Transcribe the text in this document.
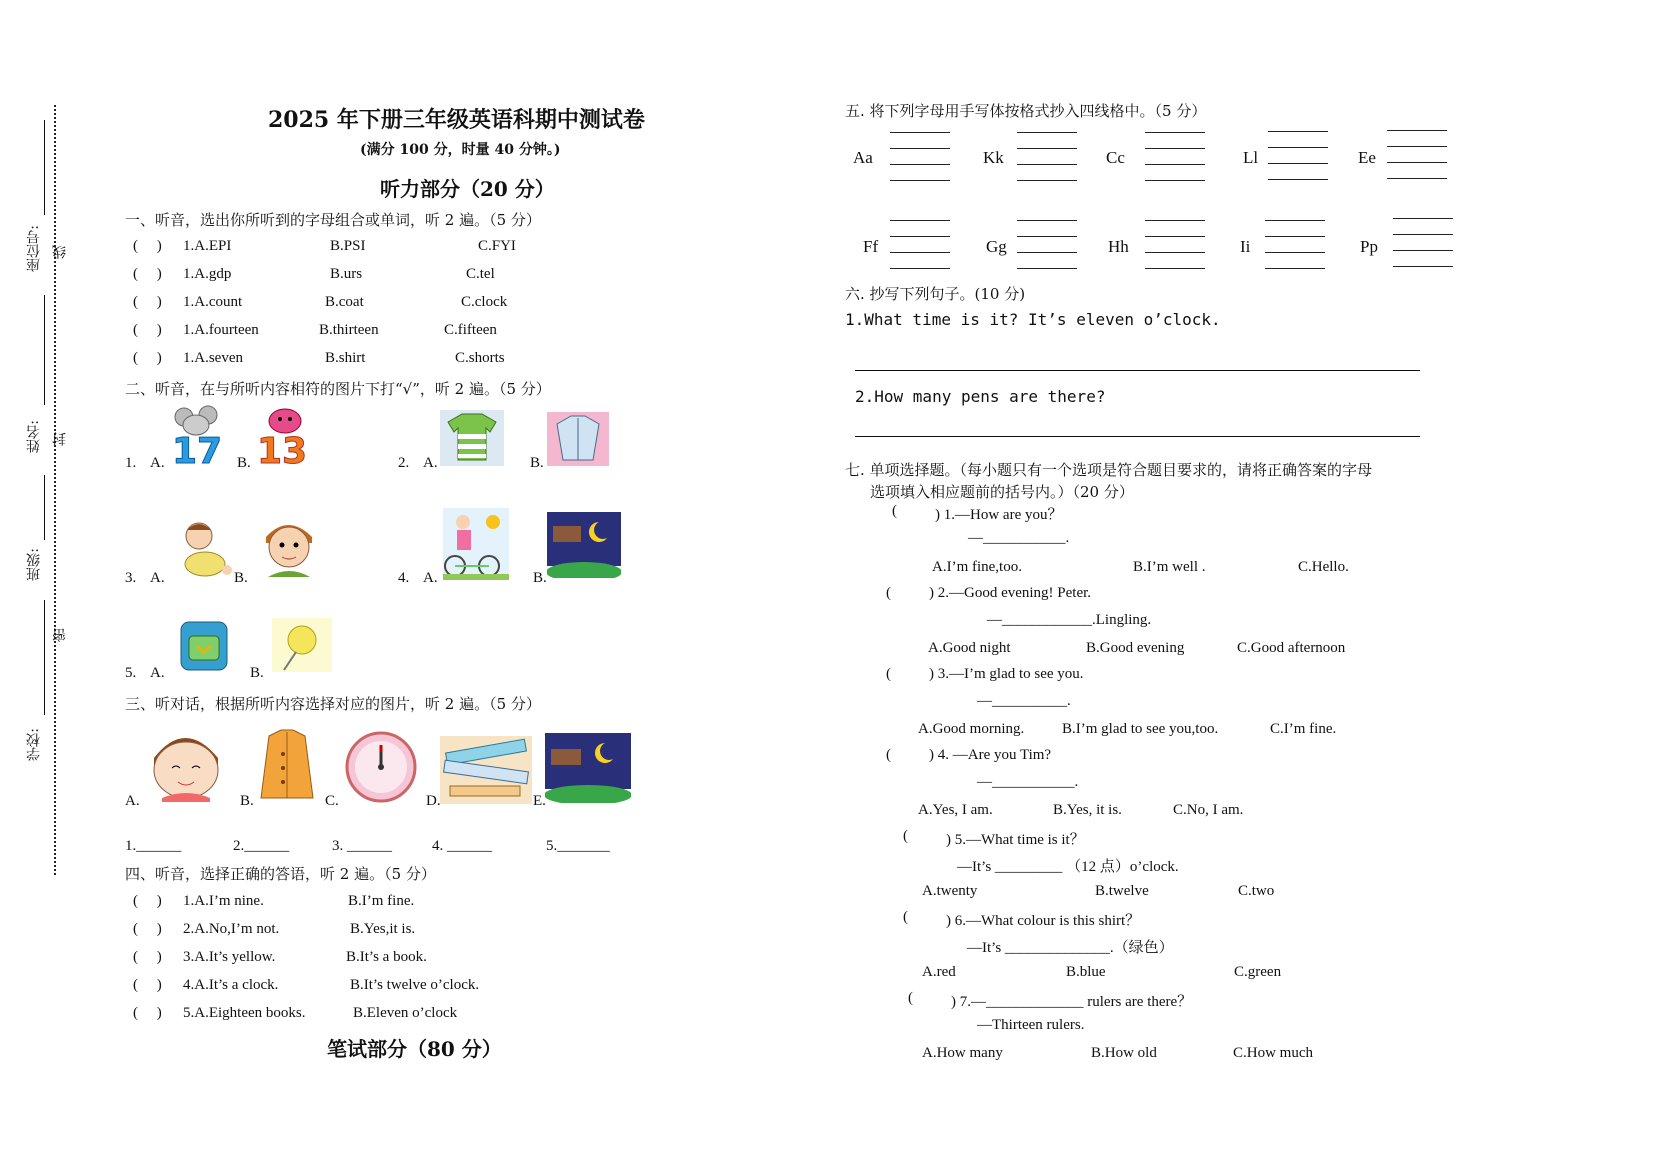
座位号: 线
姓名: 封
班级:
密
学校:
2025 年下册三年级英语科期中测试卷
(满分 100 分，时量 40 分钟。)
听力部分（20 分）
一、听音，选出你所听到的字母组合或单词，听 2 遍。（5 分）
(     ) 1.A.EPI	B.PSI	C.FYI
(     ) 1.A.gdp	B.urs	C.tel
(     ) 1.A.count	B.coat	C.clock
(     ) 1.A.fourteen	B.thirteen	C.fifteen
(     ) 1.A.seven	B.shirt	C.shorts
二、听音，在与所听内容相符的图片下打“√”，听 2 遍。（5 分）
1. A.	B.	2. A.	B.
3. A.	B.	4. A.	B.
5. A.	B.
17 13
三、听对话，根据所听内容选择对应的图片，听 2 遍。（5 分）
A.	B.	C.	D.	E.
1.______	2.______	3. ______	4. ______	5._______
四、听音，选择正确的答语，听 2 遍。（5 分）
(     ) 1.A.I’m nine.	B.I’m fine.
(     ) 2.A.No,I’m not.	B.Yes,it is.
(     ) 3.A.It’s yellow.	B.It’s a book.
(     ) 4.A.It’s a clock.	B.It’s twelve o’clock.
(     ) 5.A.Eighteen books.	B.Eleven o’clock
笔试部分（80 分）
五. 将下列字母用手写体按格式抄入四线格中。（5 分）
Aa	Kk	Cc	Ll	Ee
Ff	Gg	Hh	Ii	Pp
六. 抄写下列句子。(10 分)
1.What time is it? It’s eleven o’clock.
2.How many pens are there?
七. 单项选择题。（每小题只有一个选项是符合题目要求的，请将正确答案的字母
选项填入相应题前的括号内。）（20 分）
(	) 1.—How are you？
—___________.
A.I’m fine,too.	B.I’m well .	C.Hello.
(	) 2.—Good evening! Peter.
—____________.Lingling.
A.Good night	B.Good evening	C.Good afternoon
(	) 3.—I’m glad to see you.
—__________.
A.Good morning.	B.I’m glad to see you,too.	C.I’m fine.
(	) 4. —Are you Tim?
—___________.
A.Yes, I am.	B.Yes, it is.	C.No, I am.
(	) 5.—What time is it？
—It’s _________ （12 点）o’clock.
A.twenty	B.twelve	C.two
(	) 6.—What colour is this shirt？
—It’s ______________.（绿色）
A.red	B.blue	C.green
(	) 7.—_____________ rulers are there？
—Thirteen rulers.
A.How many	B.How old	C.How much
